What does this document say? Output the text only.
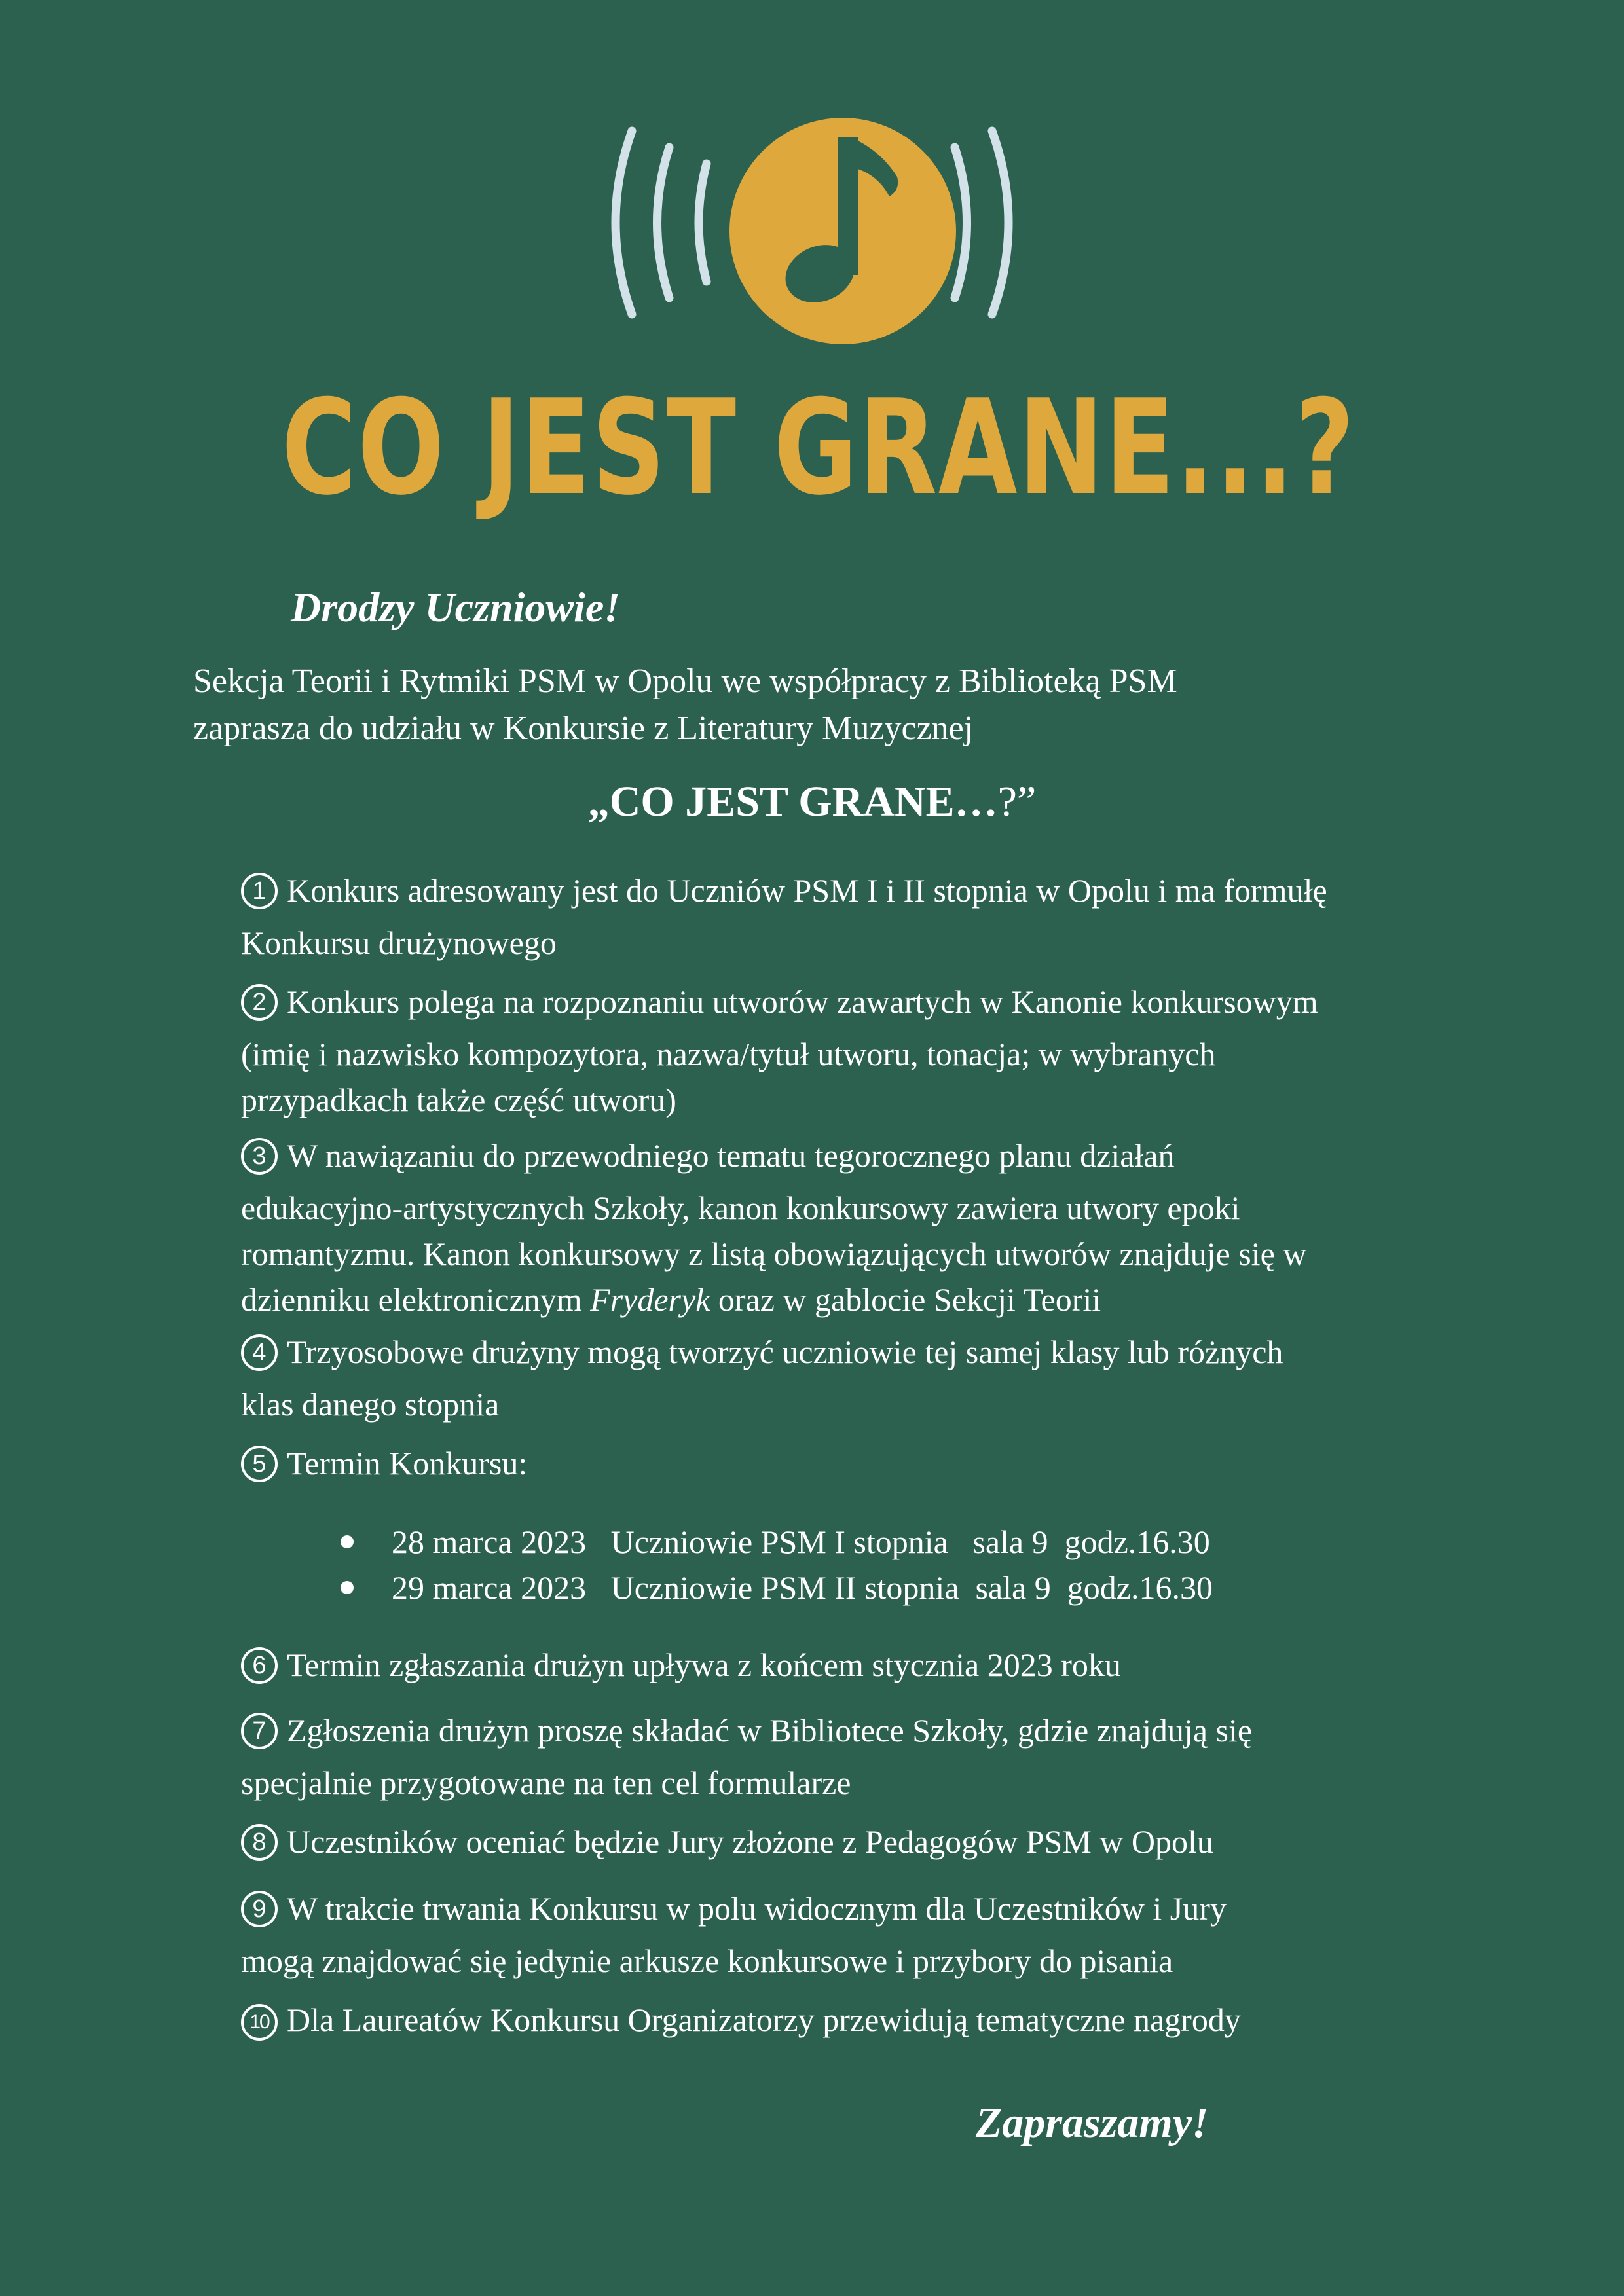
CO JEST GRANE...?
Drodzy Uczniowie!
Sekcja Teorii i Rytmiki PSM w Opolu we współpracy z Biblioteką PSM
zaprasza do udziału w Konkursie z Literatury Muzycznej
„CO JEST GRANE…?”
1 Konkurs adresowany jest do Uczniów PSM I i II stopnia w Opolu i ma formułę
Konkursu drużynowego
2 Konkurs polega na rozpoznaniu utworów zawartych w Kanonie konkursowym
(imię i nazwisko kompozytora, nazwa/tytuł utworu, tonacja; w wybranych
przypadkach także część utworu)
3 W nawiązaniu do przewodniego tematu tegorocznego planu działań
edukacyjno-artystycznych Szkoły, kanon konkursowy zawiera utwory epoki
romantyzmu. Kanon konkursowy z listą obowiązujących utworów znajduje się w
dzienniku elektronicznym Fryderyk oraz w gablocie Sekcji Teorii
4 Trzyosobowe drużyny mogą tworzyć uczniowie tej samej klasy lub różnych
klas danego stopnia
5 Termin Konkursu:
28 marca 2023
Uczniowie PSM I stopnia
sala 9
godz.16.30
29 marca 2023
Uczniowie PSM II stopnia
sala 9
godz.16.30
6 Termin zgłaszania drużyn upływa z końcem stycznia 2023 roku
7 Zgłoszenia drużyn proszę składać w Bibliotece Szkoły, gdzie znajdują się
specjalnie przygotowane na ten cel formularze
8 Uczestników oceniać będzie Jury złożone z Pedagogów PSM w Opolu
9 W trakcie trwania Konkursu w polu widocznym dla Uczestników i Jury
mogą znajdować się jedynie arkusze konkursowe i przybory do pisania
10 Dla Laureatów Konkursu Organizatorzy przewidują tematyczne nagrody
Zapraszamy!
